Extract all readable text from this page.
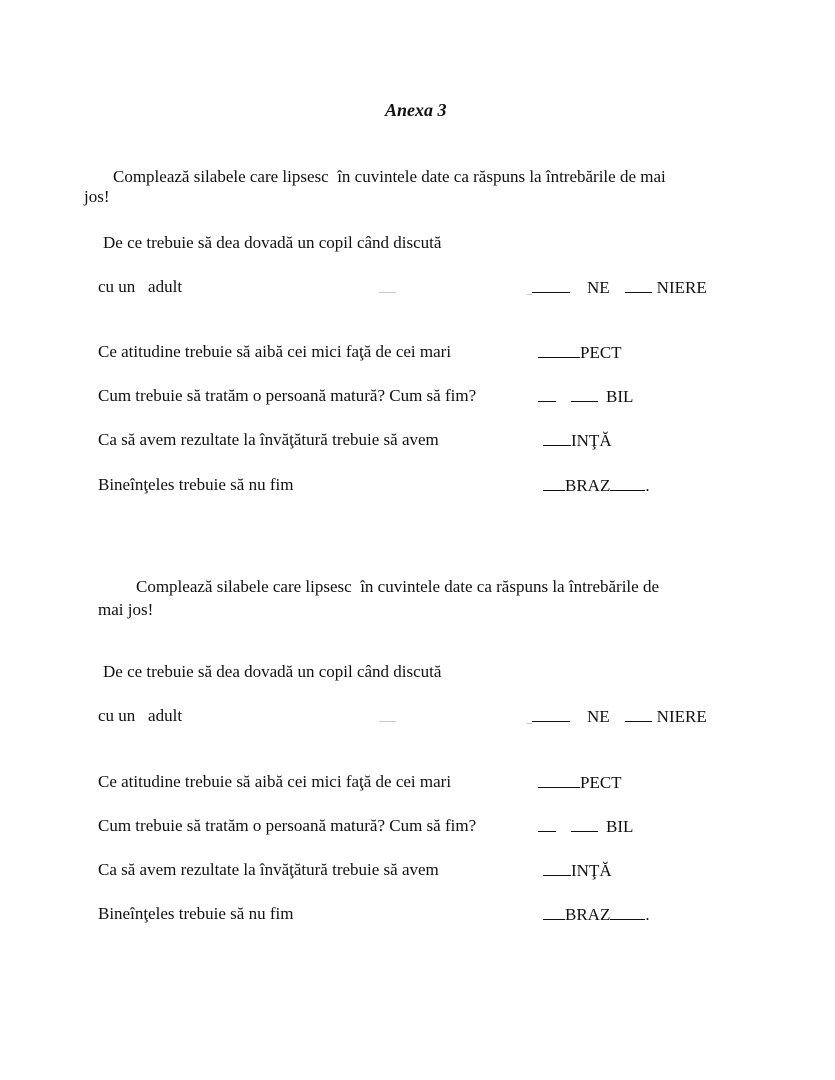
Anexa 3
Complează silabele care lipsesc  în cuvintele date ca răspuns la întrebările de mai
jos!
De ce trebuie să dea dovadă un copil când discută
cu un   adult	NE	NIERE
Ce atitudine trebuie să aibă cei mici faţă de cei mari	PECT
Cum trebuie să tratăm o persoană matură? Cum să fim?	BIL
Ca să avem rezultate la învăţătură trebuie să avem	INŢĂ
Bineînţeles trebuie să nu fim	BRAZ .
Complează silabele care lipsesc  în cuvintele date ca răspuns la întrebările de
mai jos!
De ce trebuie să dea dovadă un copil când discută
cu un   adult	NE	NIERE
Ce atitudine trebuie să aibă cei mici faţă de cei mari	PECT
Cum trebuie să tratăm o persoană matură? Cum să fim?	BIL
Ca să avem rezultate la învăţătură trebuie să avem	INŢĂ
Bineînţeles trebuie să nu fim	BRAZ .
